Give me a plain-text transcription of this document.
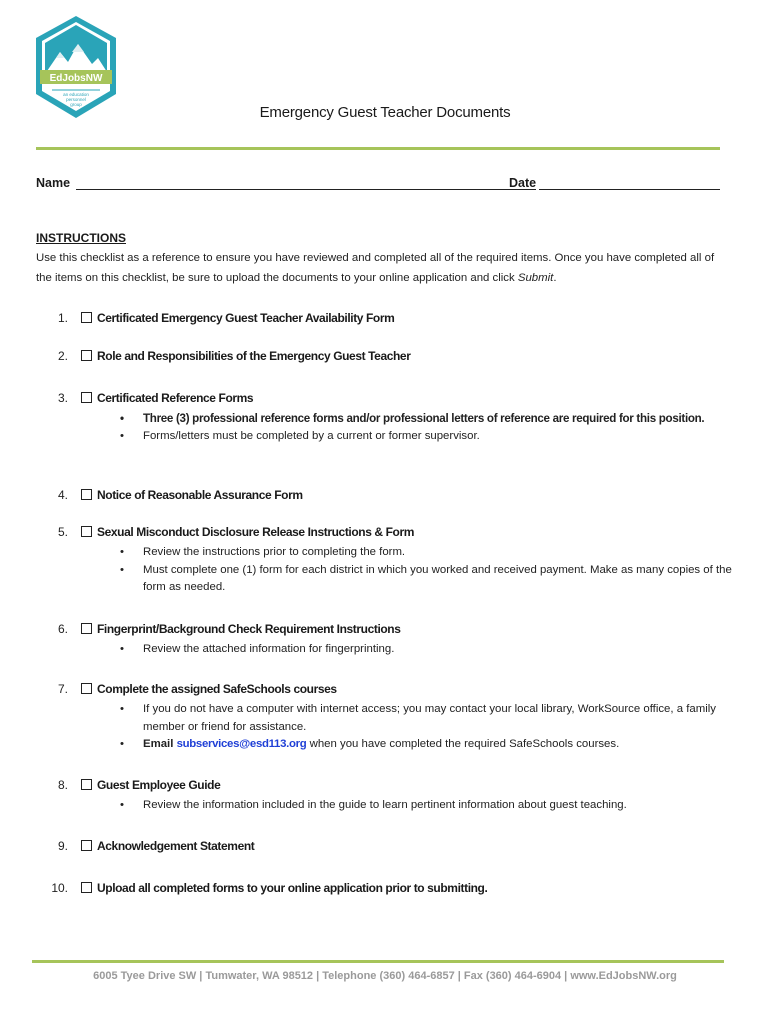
EdJobsNW
an education
personnel
group	Emergency Guest Teacher Documents
Name	Date
INSTRUCTIONS
Use this checklist as a reference to ensure you have reviewed and completed all of the required items. Once you have completed all of the items on this checklist, be sure to upload the documents to your online application and click Submit.
1. Certificated Emergency Guest Teacher Availability Form
2. Role and Responsibilities of the Emergency Guest Teacher
3. Certificated Reference Forms
• Three (3) professional reference forms and/or professional letters of reference are required for this position.
• Forms/letters must be completed by a current or former supervisor.
4. Notice of Reasonable Assurance Form
5. Sexual Misconduct Disclosure Release Instructions & Form
• Review the instructions prior to completing the form.
• Must complete one (1) form for each district in which you worked and received payment. Make as many copies of the form as needed.
6. Fingerprint/Background Check Requirement Instructions
• Review the attached information for fingerprinting.
7. Complete the assigned SafeSchools courses
• If you do not have a computer with internet access; you may contact your local library, WorkSource office, a family member or friend for assistance.
• Email subservices@esd113.org when you have completed the required SafeSchools courses.
8. Guest Employee Guide
• Review the information included in the guide to learn pertinent information about guest teaching.
9. Acknowledgement Statement
10. Upload all completed forms to your online application prior to submitting.
6005 Tyee Drive SW | Tumwater, WA 98512 | Telephone (360) 464-6857 | Fax (360) 464-6904 | www.EdJobsNW.org
